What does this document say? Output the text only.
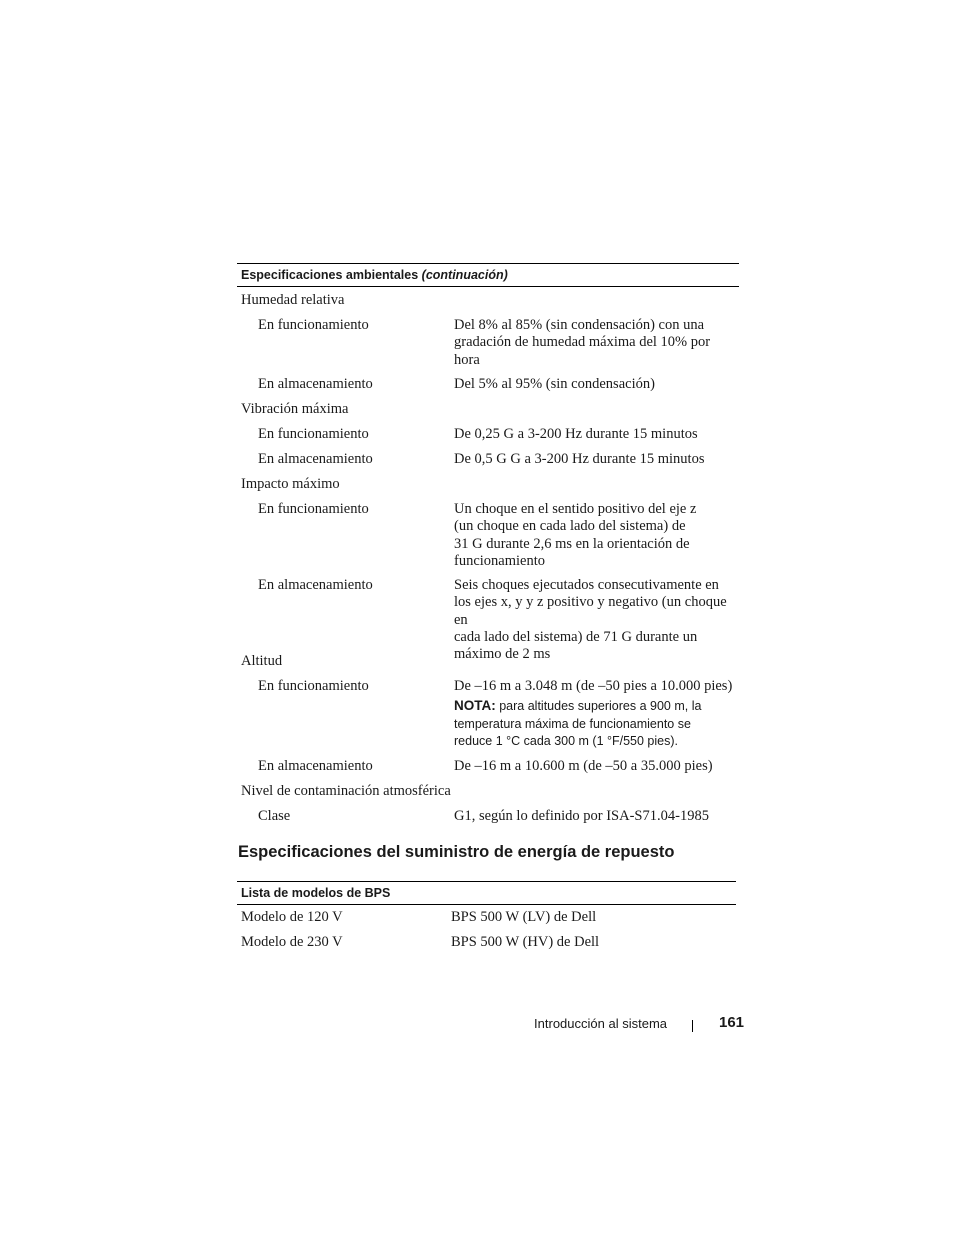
Especificaciones ambientales (continuación)
Humedad relativa
En funcionamiento	Del 8% al 85% (sin condensación) con una
gradación de humedad máxima del 10% por
hora
En almacenamiento	Del 5% al 95% (sin condensación)
Vibración máxima
En funcionamiento	De 0,25 G a 3-200 Hz durante 15 minutos
En almacenamiento	De 0,5 G G a 3-200 Hz durante 15 minutos
Impacto máximo
En funcionamiento	Un choque en el sentido positivo del eje z
(un choque en cada lado del sistema) de
31 G durante 2,6 ms en la orientación de
funcionamiento
En almacenamiento	Seis choques ejecutados consecutivamente en
los ejes x, y y z positivo y negativo (un choque en
cada lado del sistema) de 71 G durante un
máximo de 2 ms
Altitud
En funcionamiento	De –16 m a 3.048 m (de –50 pies a 10.000 pies)
NOTA: para altitudes superiores a 900 m, la
temperatura máxima de funcionamiento se
reduce 1 °C cada 300 m (1 °F/550 pies).
En almacenamiento	De –16 m a 10.600 m (de –50 a 35.000 pies)
Nivel de contaminación atmosférica
Clase	G1, según lo definido por ISA-S71.04-1985
Especificaciones del suministro de energía de repuesto
Lista de modelos de BPS
Modelo de 120 V	BPS 500 W (LV) de Dell
Modelo de 230 V	BPS 500 W (HV) de Dell
Introducción al sistema	161
